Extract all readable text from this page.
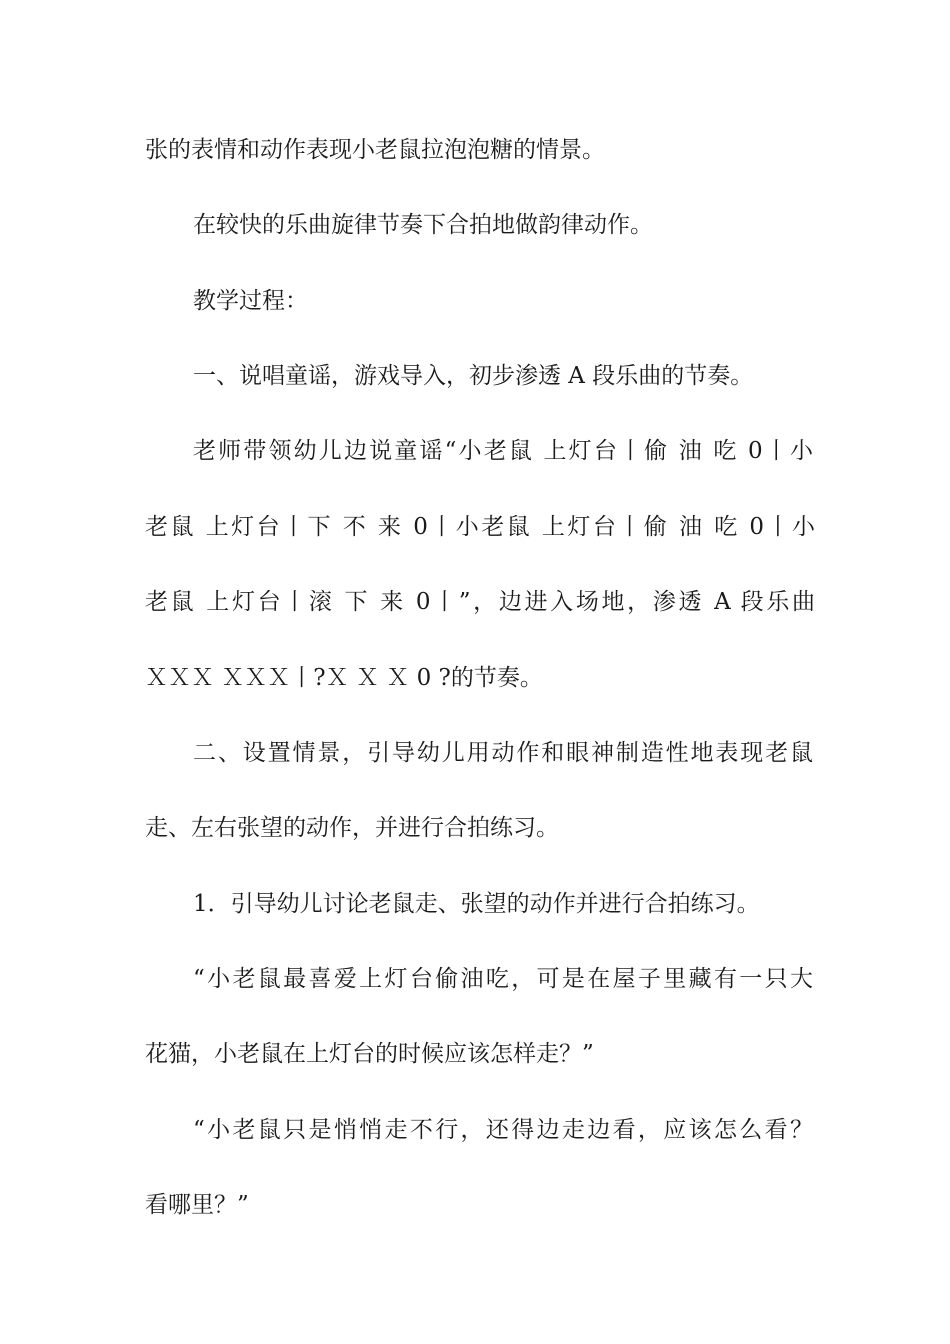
张的表情和动作表现小老鼠拉泡泡糖的情景。

在较快的乐曲旋律节奏下合拍地做韵律动作。

教学过程：

一、说唱童谣，游戏导入，初步渗透 A 段乐曲的节奏。

老师带领幼儿边说童谣“小老鼠 上灯台丨偷 油 吃 0丨小

老鼠 上灯台丨下 不 来 0丨小老鼠 上灯台丨偷 油 吃 0丨小

老鼠 上灯台丨滚 下 来 0丨”，边进入场地，渗透 A 段乐曲

ＸＸＸ ＸＸＸ丨?Ｘ Ｘ Ｘ 0 ?的节奏。

二、设置情景，引导幼儿用动作和眼神制造性地表现老鼠

走、左右张望的动作，并进行合拍练习。

1．引导幼儿讨论老鼠走、张望的动作并进行合拍练习。

“小老鼠最喜爱上灯台偷油吃，可是在屋子里藏有一只大

花猫，小老鼠在上灯台的时候应该怎样走？”

“小老鼠只是悄悄走不行，还得边走边看，应该怎么看？

看哪里？”
